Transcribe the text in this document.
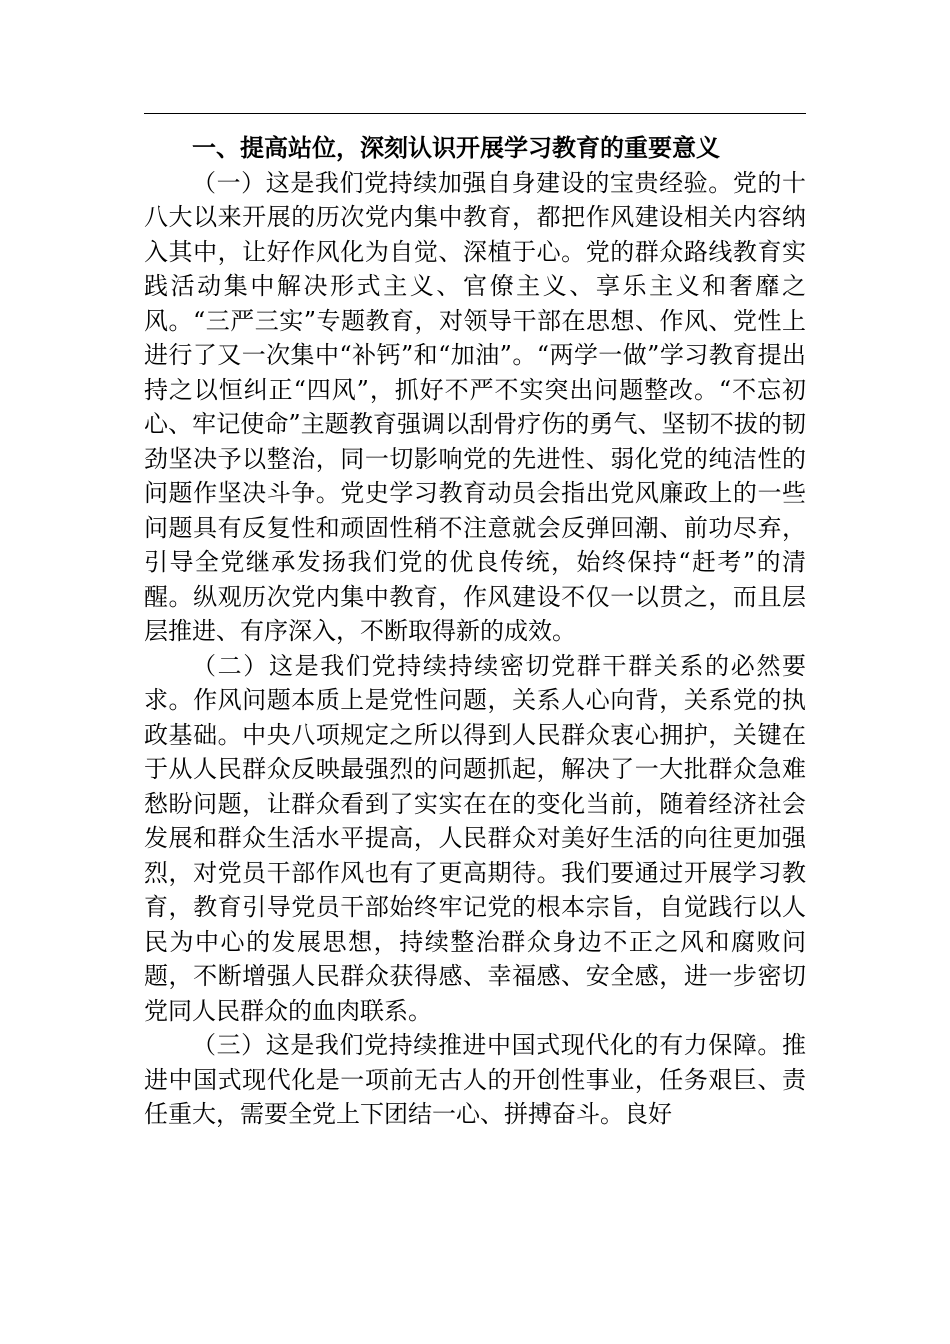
一、提高站位，深刻认识开展学习教育的重要意义

（一）这是我们党持续加强自身建设的宝贵经验。党的十八大以来开展的历次党内集中教育，都把作风建设相关内容纳入其中，让好作风化为自觉、深植于心。党的群众路线教育实践活动集中解决形式主义、官僚主义、享乐主义和奢靡之风。“三严三实”专题教育，对领导干部在思想、作风、党性上进行了又一次集中“补钙”和“加油”。“两学一做”学习教育提出持之以恒纠正“四风”，抓好不严不实突出问题整改。“不忘初心、牢记使命”主题教育强调以刮骨疗伤的勇气、坚韧不拔的韧劲坚决予以整治，同一切影响党的先进性、弱化党的纯洁性的问题作坚决斗争。党史学习教育动员会指出党风廉政上的一些问题具有反复性和顽固性稍不注意就会反弹回潮、前功尽弃，引导全党继承发扬我们党的优良传统，始终保持“赶考”的清醒。纵观历次党内集中教育，作风建设不仅一以贯之，而且层层推进、有序深入，不断取得新的成效。

（二）这是我们党持续持续密切党群干群关系的必然要求。作风问题本质上是党性问题，关系人心向背，关系党的执政基础。中央八项规定之所以得到人民群众衷心拥护，关键在于从人民群众反映最强烈的问题抓起，解决了一大批群众急难愁盼问题，让群众看到了实实在在的变化当前，随着经济社会发展和群众生活水平提高，人民群众对美好生活的向往更加强烈，对党员干部作风也有了更高期待。我们要通过开展学习教育，教育引导党员干部始终牢记党的根本宗旨，自觉践行以人民为中心的发展思想，持续整治群众身边不正之风和腐败问题，不断增强人民群众获得感、幸福感、安全感，进一步密切党同人民群众的血肉联系。

（三）这是我们党持续推进中国式现代化的有力保障。推进中国式现代化是一项前无古人的开创性事业，任务艰巨、责任重大，需要全党上下团结一心、拼搏奋斗。良好
